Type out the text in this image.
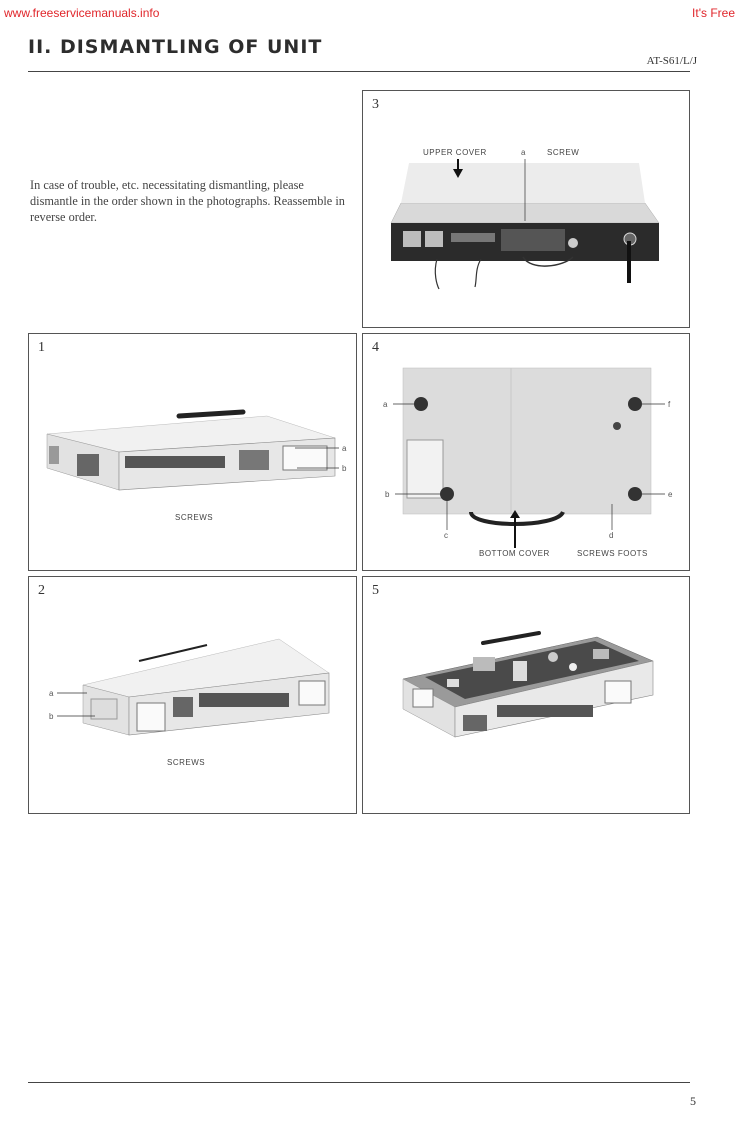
www.freeservicemanuals.info	It's Free
II. DISMANTLING OF UNIT
AT-S61/L/J

In case of trouble, etc. necessitating dismantling, please dismantle in the order shown in the photographs. Reassemble in reverse order.

3
UPPER COVER	a	SCREW
1
a
b
SCREWS
4
a	f
b	e
c	d
BOTTOM COVER	SCREWS FOOTS
2
a
b
SCREWS
5
5
